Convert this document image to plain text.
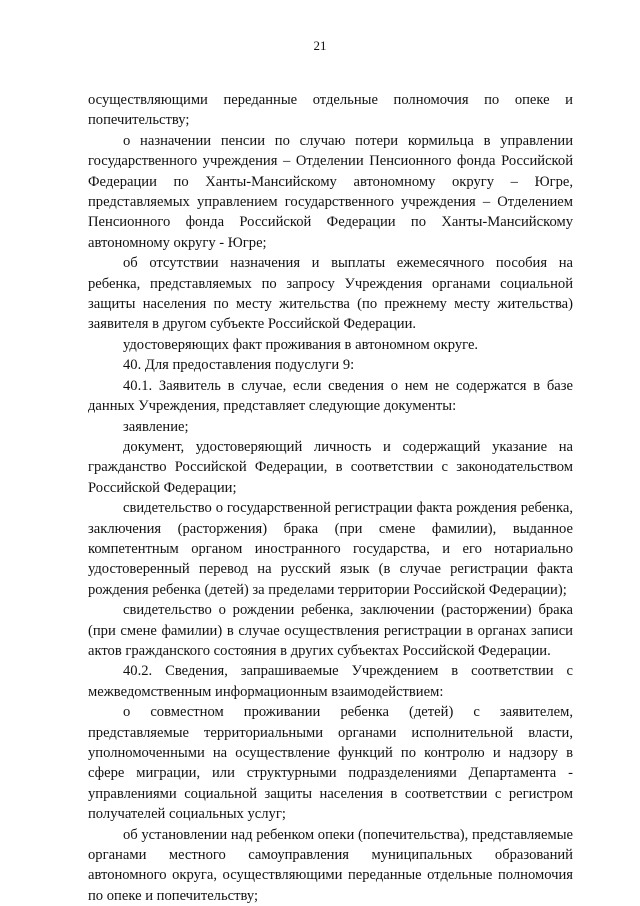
21

осуществляющими переданные отдельные полномочия по опеке и попечительству;

о назначении пенсии по случаю потери кормильца в управлении государственного учреждения – Отделении Пенсионного фонда Российской Федерации по Ханты-Мансийскому автономному округу – Югре, представляемых управлением государственного учреждения – Отделением Пенсионного фонда Российской Федерации по Ханты-Мансийскому автономному округу - Югре;

об отсутствии назначения и выплаты ежемесячного пособия на ребенка, представляемых по запросу Учреждения органами социальной защиты населения по месту жительства (по прежнему месту жительства) заявителя в другом субъекте Российской Федерации.

удостоверяющих факт проживания в автономном округе.

40. Для предоставления подуслуги 9:

40.1. Заявитель в случае, если сведения о нем не содержатся в базе данных Учреждения, представляет следующие документы:

заявление;

документ, удостоверяющий личность и содержащий указание на гражданство Российской Федерации, в соответствии с законодательством Российской Федерации;

свидетельство о государственной регистрации факта рождения ребенка, заключения (расторжения) брака (при смене фамилии), выданное компетентным органом иностранного государства, и его нотариально удостоверенный перевод на русский язык (в случае регистрации факта рождения ребенка (детей) за пределами территории Российской Федерации);

свидетельство о рождении ребенка, заключении (расторжении) брака (при смене фамилии) в случае осуществления регистрации в органах записи актов гражданского состояния в других субъектах Российской Федерации.

40.2. Сведения, запрашиваемые Учреждением в соответствии с межведомственным информационным взаимодействием:

о совместном проживании ребенка (детей) с заявителем, представляемые территориальными органами исполнительной власти, уполномоченными на осуществление функций по контролю и надзору в сфере миграции, или структурными подразделениями Департамента - управлениями социальной защиты населения в соответствии с регистром получателей социальных услуг;

об установлении над ребенком опеки (попечительства), представляемые органами местного самоуправления муниципальных образований автономного округа, осуществляющими переданные отдельные полномочия по опеке и попечительству;
